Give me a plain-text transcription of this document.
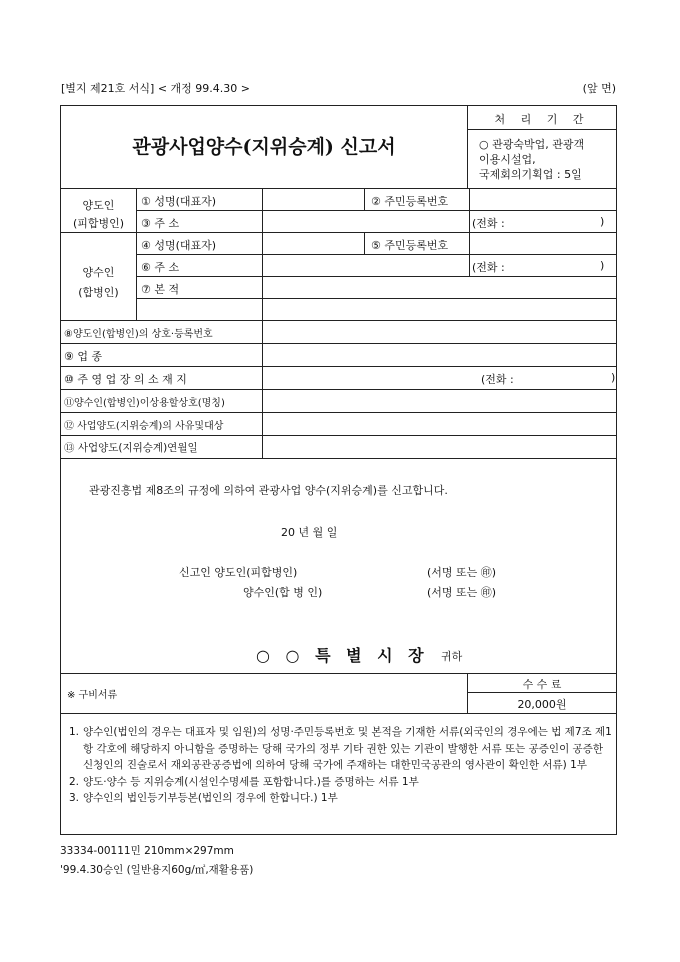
[별지 제21호 서식] < 개정 99.4.30 >	(앞 면)
관광사업양수(지위승계) 신고서
처 리 기 간
○ 관광숙박업, 관광객
이용시설업,
국제회의기획업 : 5일
양도인
(피합병인)
① 성명(대표자)	② 주민등록번호
③ 주 소	(전화 :	)
양수인
(합병인)
④ 성명(대표자)	⑤ 주민등록번호
⑥ 주 소	(전화 :	)
⑦ 본 적
⑧양도인(합병인)의 상호·등록번호
⑨ 업 종
⑩ 주 영 업 장 의 소 재 지	(전화 :	)
⑪양수인(합병인)이상용할상호(명칭)
⑫ 사업양도(지위승계)의 사유및대상
⑬ 사업양도(지위승계)연월일
관광진흥법 제8조의 규정에 의하여 관광사업 양수(지위승계)를 신고합니다.
20 년 월 일
신고인 양도인(피합병인)	(서명 또는 ㊞)
양수인(합 병 인)	(서명 또는 ㊞)
○ ○ 특 별 시 장 귀하
※ 구비서류
수 수 료
20,000원
1. 양수인(법인의 경우는 대표자 및 임원)의 성명·주민등록번호 및 본적을 기재한 서류(외국인의 경우에는 법 제7조 제1항 각호에 해당하지 아니함을 증명하는 당해 국가의 정부 기타 권한 있는 기관이 발행한 서류 또는 공증인이 공증한 신청인의 진술로서 재외공관공증법에 의하여 당해 국가에 주재하는 대한민국공관의 영사관이 확인한 서류) 1부
2. 양도·양수 등 지위승계(시설인수명세를 포함합니다.)를 증명하는 서류 1부
3. 양수인의 법인등기부등본(법인의 경우에 한합니다.) 1부
33334-00111민 210mm×297mm
'99.4.30승인 (일반용지60g/㎡,재활용품)
